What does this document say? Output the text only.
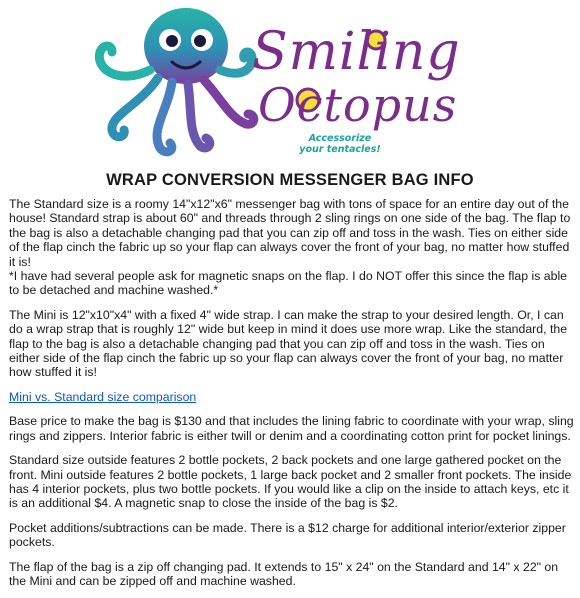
Smiling
Octopus
Accessorize
your tentacles!
WRAP CONVERSION MESSENGER BAG INFO

The Standard size is a roomy 14"x12"x6" messenger bag with tons of space for an entire day out of the house! Standard strap is about 60" and threads through 2 sling rings on one side of the bag. The flap to the bag is also a detachable changing pad that you can zip off and toss in the wash. Ties on either side of the flap cinch the fabric up so your flap can always cover the front of your bag, no matter how stuffed it is!

*I have had several people ask for magnetic snaps on the flap. I do NOT offer this since the flap is able to be detached and machine washed.*

The Mini is 12"x10"x4" with a fixed 4" wide strap. I can make the strap to your desired length. Or, I can do a wrap strap that is roughly 12" wide but keep in mind it does use more wrap. Like the standard, the flap to the bag is also a detachable changing pad that you can zip off and toss in the wash. Ties on either side of the flap cinch the fabric up so your flap can always cover the front of your bag, no matter how stuffed it is!

Mini vs. Standard size comparison

Base price to make the bag is $130 and that includes the lining fabric to coordinate with your wrap, sling rings and zippers. Interior fabric is either twill or denim and a coordinating cotton print for pocket linings.

Standard size outside features 2 bottle pockets, 2 back pockets and one large gathered pocket on the front. Mini outside features 2 bottle pockets, 1 large back pocket and 2 smaller front pockets. The inside has 4 interior pockets, plus two bottle pockets. If you would like a clip on the inside to attach keys, etc it is an additional $4. A magnetic snap to close the inside of the bag is $2.

Pocket additions/subtractions can be made. There is a $12 charge for additional interior/exterior zipper pockets.

The flap of the bag is a zip off changing pad. It extends to 15" x 24" on the Standard and 14" x 22" on the Mini and can be zipped off and machine washed.
